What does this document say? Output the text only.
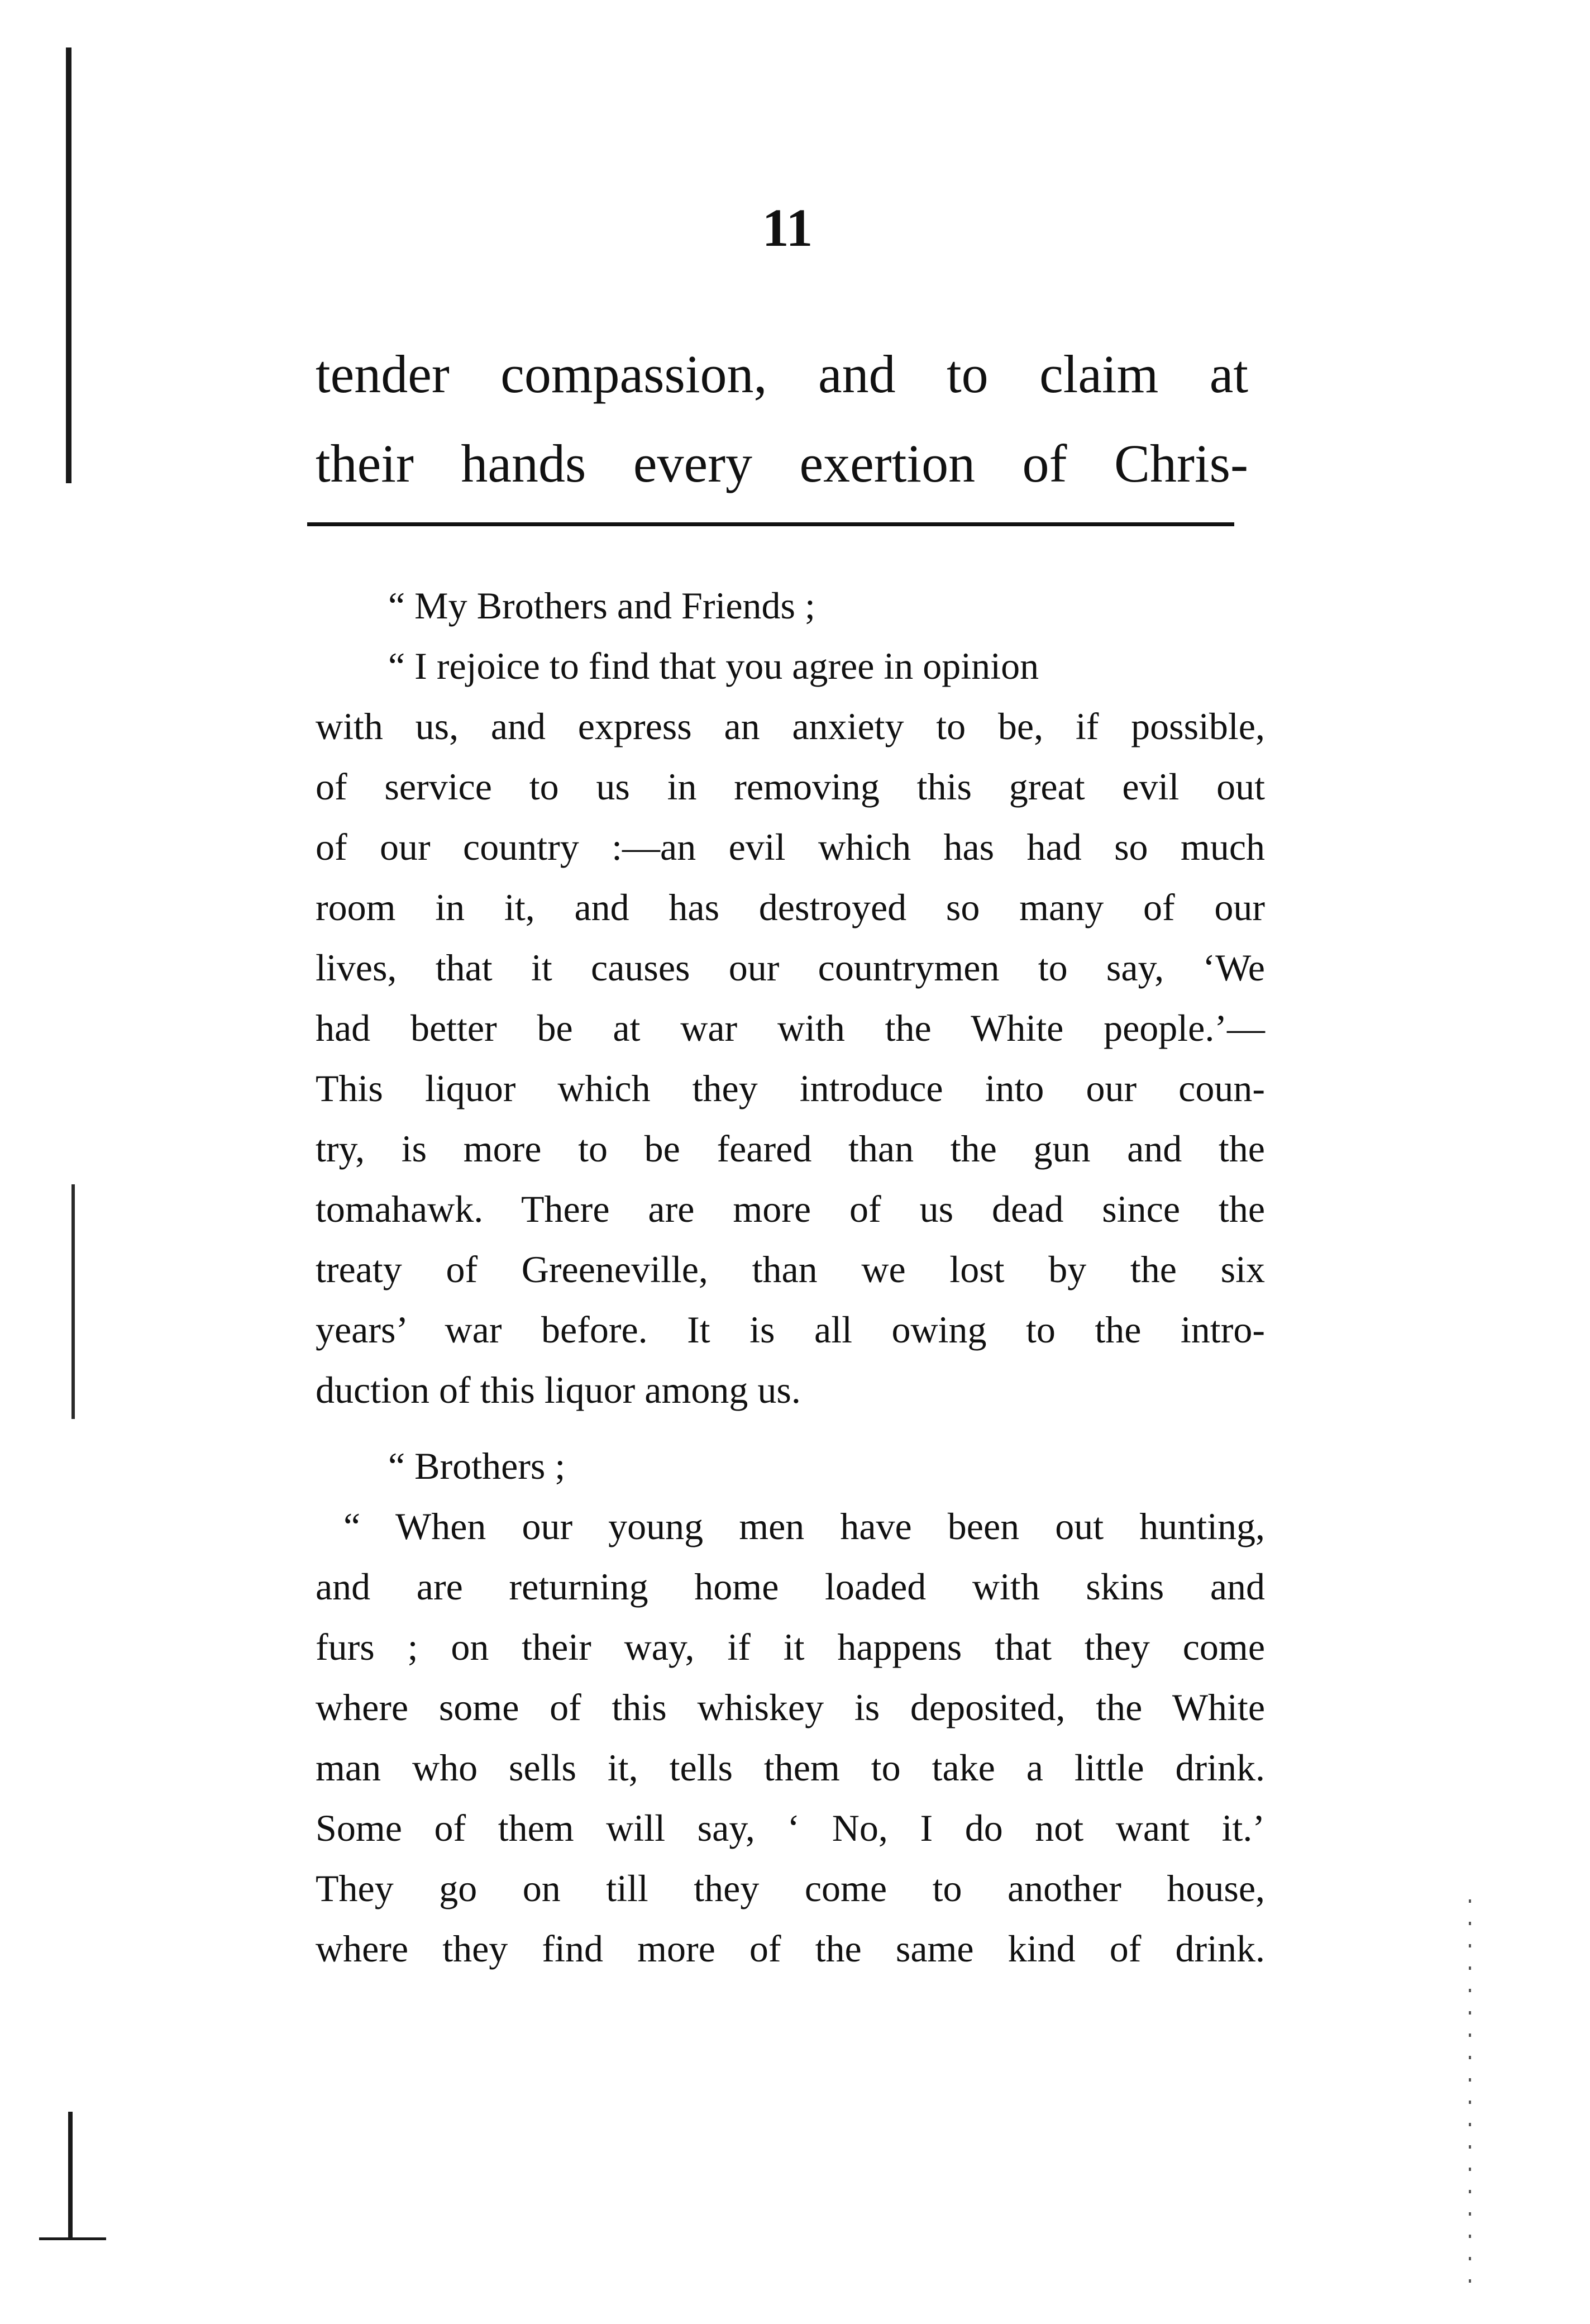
11
tender compassion, and to claim at
their hands every exertion of Chris-
“ My Brothers and Friends ;
“ I rejoice to find that you agree in opinion
with us, and express an anxiety to be, if possible,
of service to us in removing this great evil out
of our country :—an evil which has had so much
room in it, and has destroyed so many of our
lives, that it causes our countrymen to say, ‘We
had better be at war with the White people.’—
This liquor which they introduce into our coun-
try, is more to be feared than the gun and the
tomahawk. There are more of us dead since the
treaty of Greeneville, than we lost by the six
years’ war before. It is all owing to the intro-
duction of this liquor among us.
“ Brothers ;
“ When our young men have been out hunting,
and are returning home loaded with skins and
furs ; on their way, if it happens that they come
where some of this whiskey is deposited, the White
man who sells it, tells them to take a little drink.
Some of them will say, ‘ No, I do not want it.’
They go on till they come to another house,
where they find more of the same kind of drink.
